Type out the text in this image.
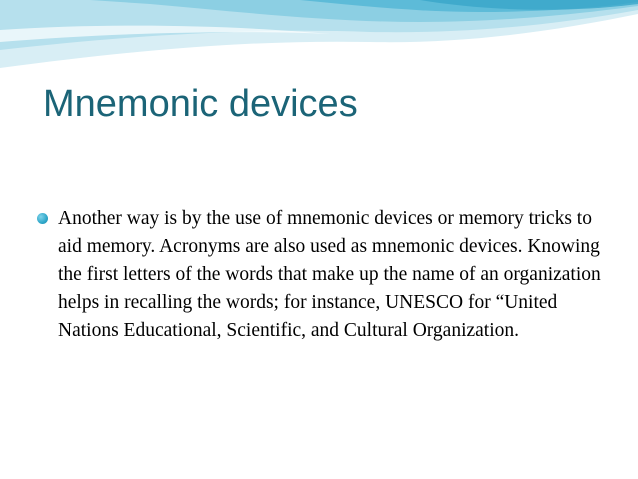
Mnemonic devices
Another way is by the use of mnemonic devices or memory tricks to aid memory. Acronyms are also used as mnemonic devices. Knowing the first letters of the words that make up the name of an organization helps in recalling the words; for instance, UNESCO for “United Nations Educational, Scientific, and Cultural Organization.
